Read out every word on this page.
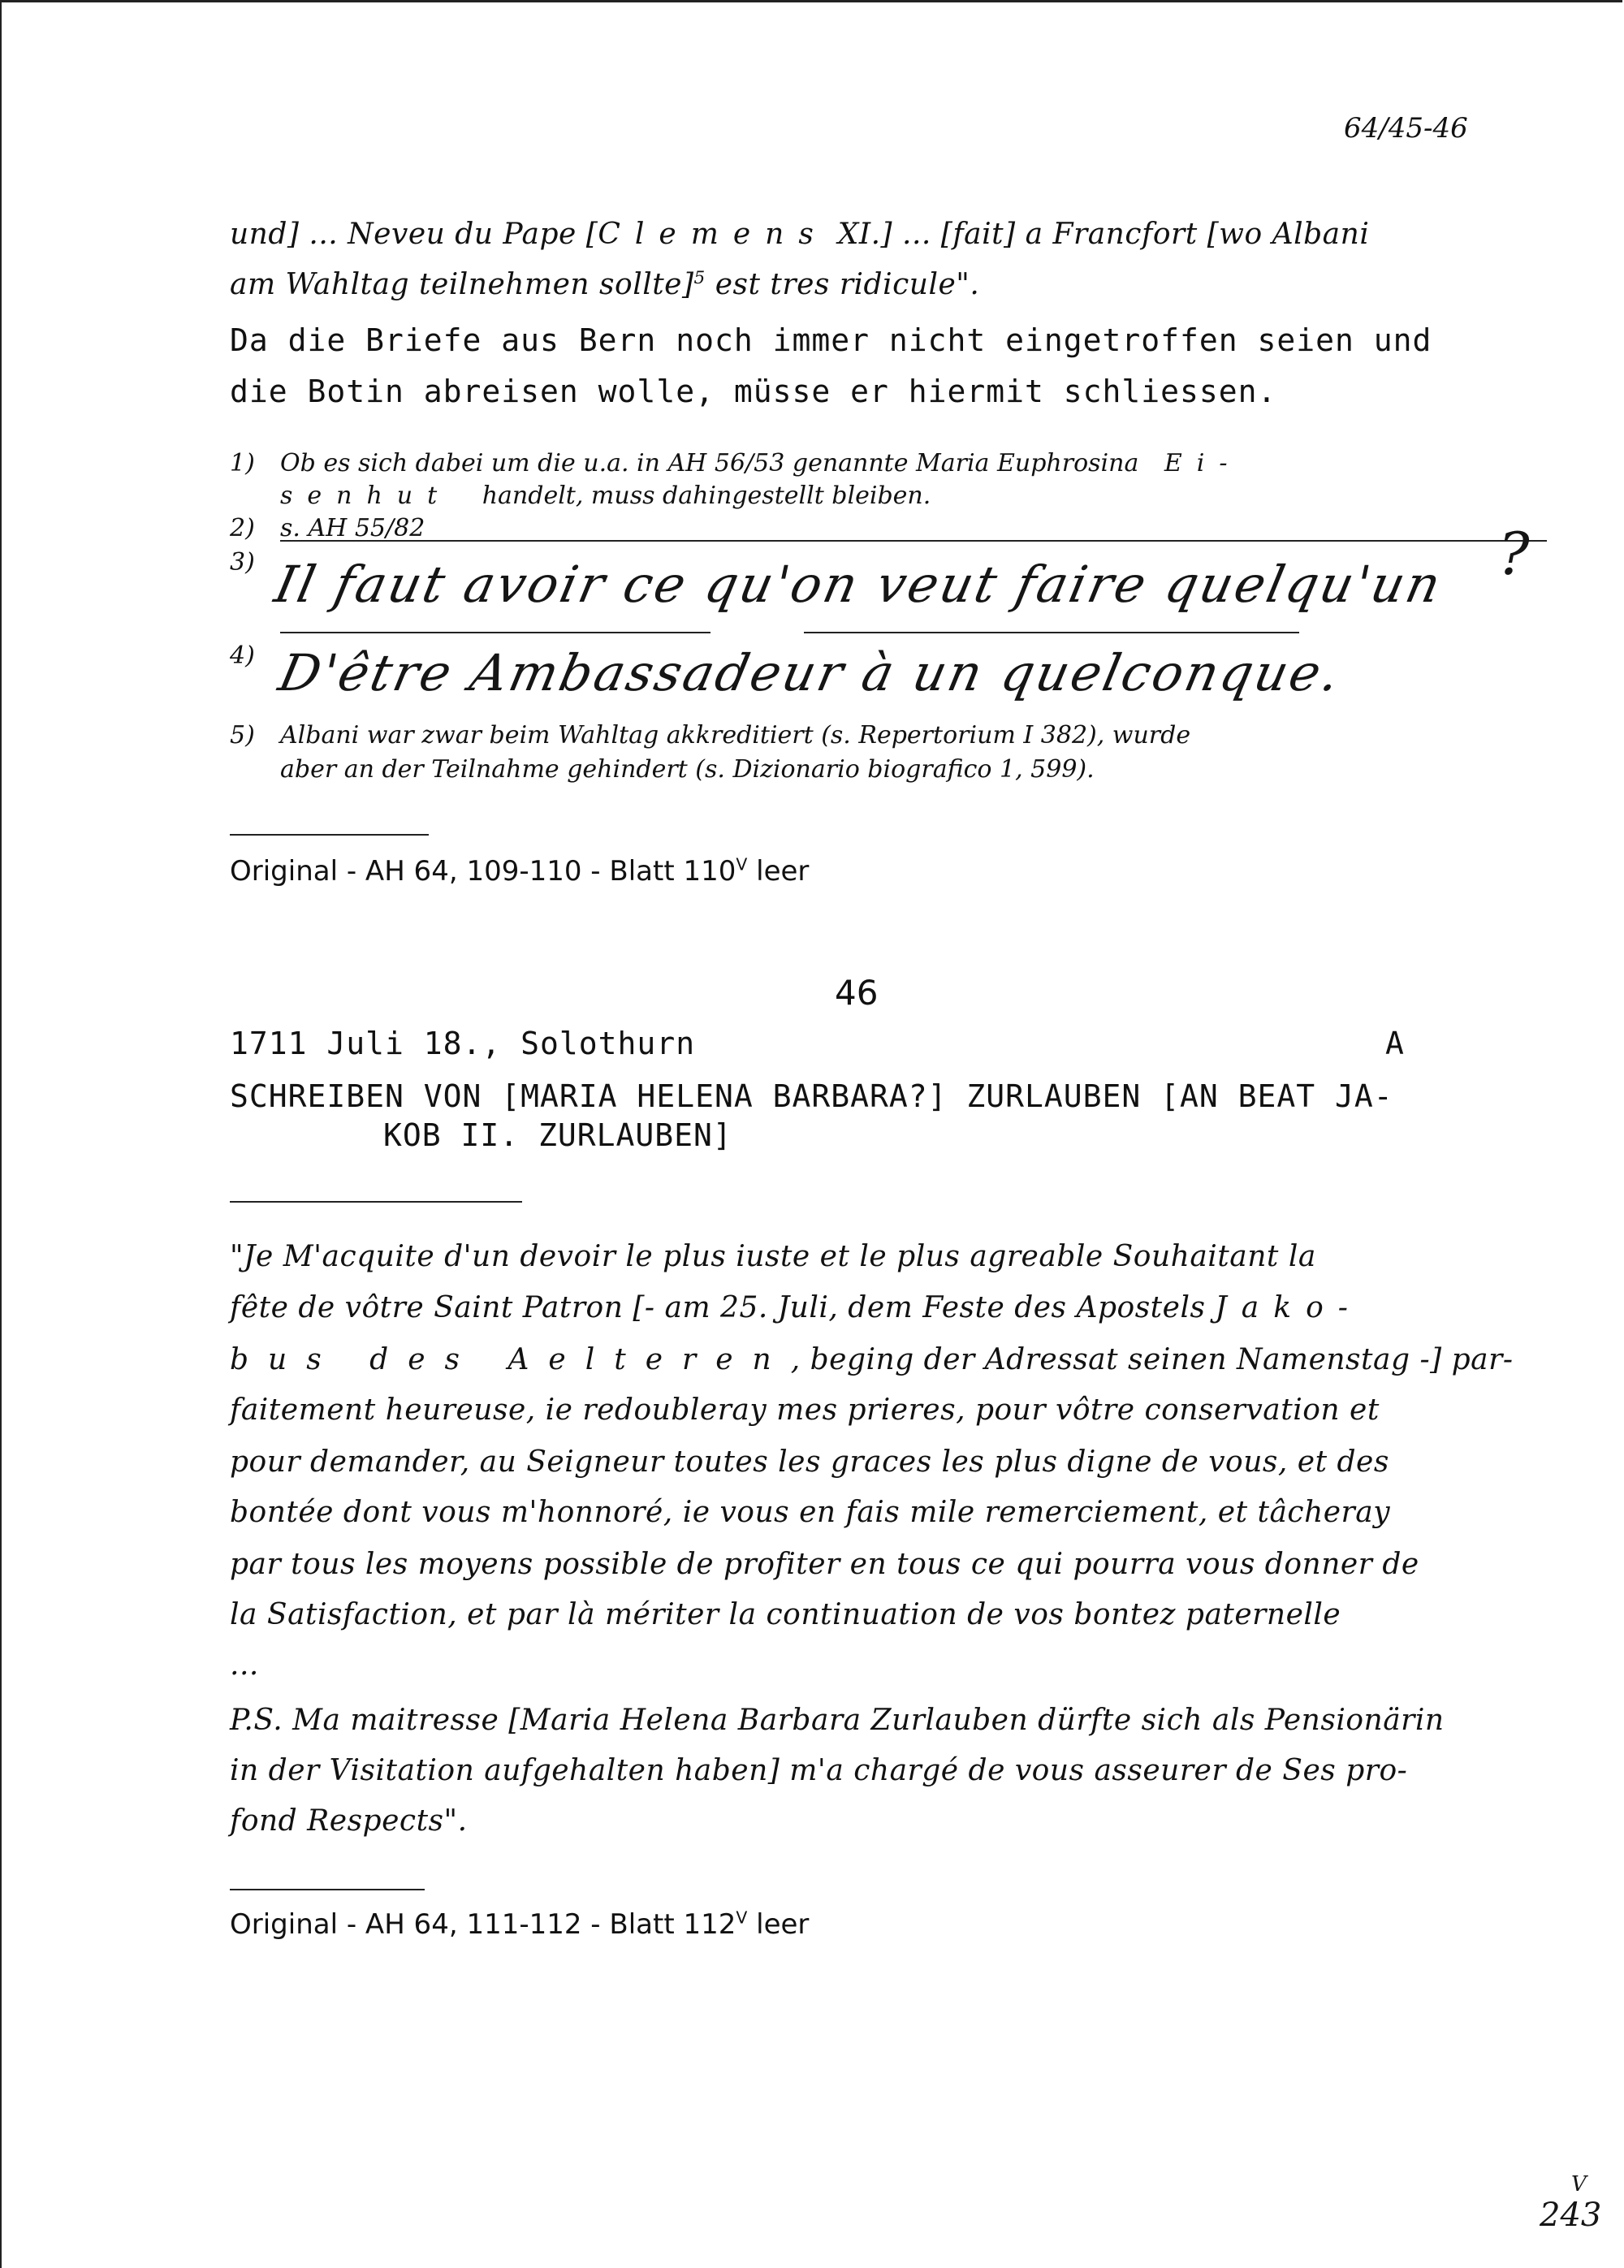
64/45-46
und] ... Neveu du Pape [Clemens XI.] ... [fait] a Francfort [wo Albani
am Wahltag teilnehmen sollte]$^5$ est tres ridicule".
Da die Briefe aus Bern noch immer nicht eingetroffen seien und
die Botin abreisen wolle, müsse er hiermit schliessen.
1) Ob es sich dabei um die u.a. in AH 56/53 genannte Maria Euphrosina Ei-
senhut handelt, muss dahingestellt bleiben.
2) s. AH 55/82
3) Il faut avoir ce qu'on veut faire quelqu'un ?
4) D'être Ambassadeur à un quelconque.
5) Albani war zwar beim Wahltag akkreditiert (s. Repertorium I 382), wurde
aber an der Teilnahme gehindert (s. Dizionario biografico 1, 599).
Original - AH 64, 109-110 - Blatt $110^V$ leer
46
1711 Juli 18., Solothurn	A
SCHREIBEN VON [MARIA HELENA BARBARA?] ZURLAUBEN [AN BEAT JA-
KOB II. ZURLAUBEN]
"Je M'acquite d'un devoir le plus iuste et le plus agreable Souhaitant la
fête de vôtre Saint Patron [- am 25. Juli, dem Feste des Apostels Jako-
bus des Aelteren, beging der Adressat seinen Namenstag -] par-
faitement heureuse, ie redoubleray mes prieres, pour vôtre conservation et
pour demander, au Seigneur toutes les graces les plus digne de vous, et des
bontée dont vous m'honnoré, ie vous en fais mile remerciement, et tâcheray
par tous les moyens possible de profiter en tous ce qui pourra vous donner de
la Satisfaction, et par là mériter la continuation de vos bontez paternelle
...
P.S. Ma maitresse [Maria Helena Barbara Zurlauben dürfte sich als Pensionärin
in der Visitation aufgehalten haben] m'a chargé de vous asseurer de Ses pro-
fond Respects".
Original - AH 64, 111-112 - Blatt $112^V$ leer
V
243
